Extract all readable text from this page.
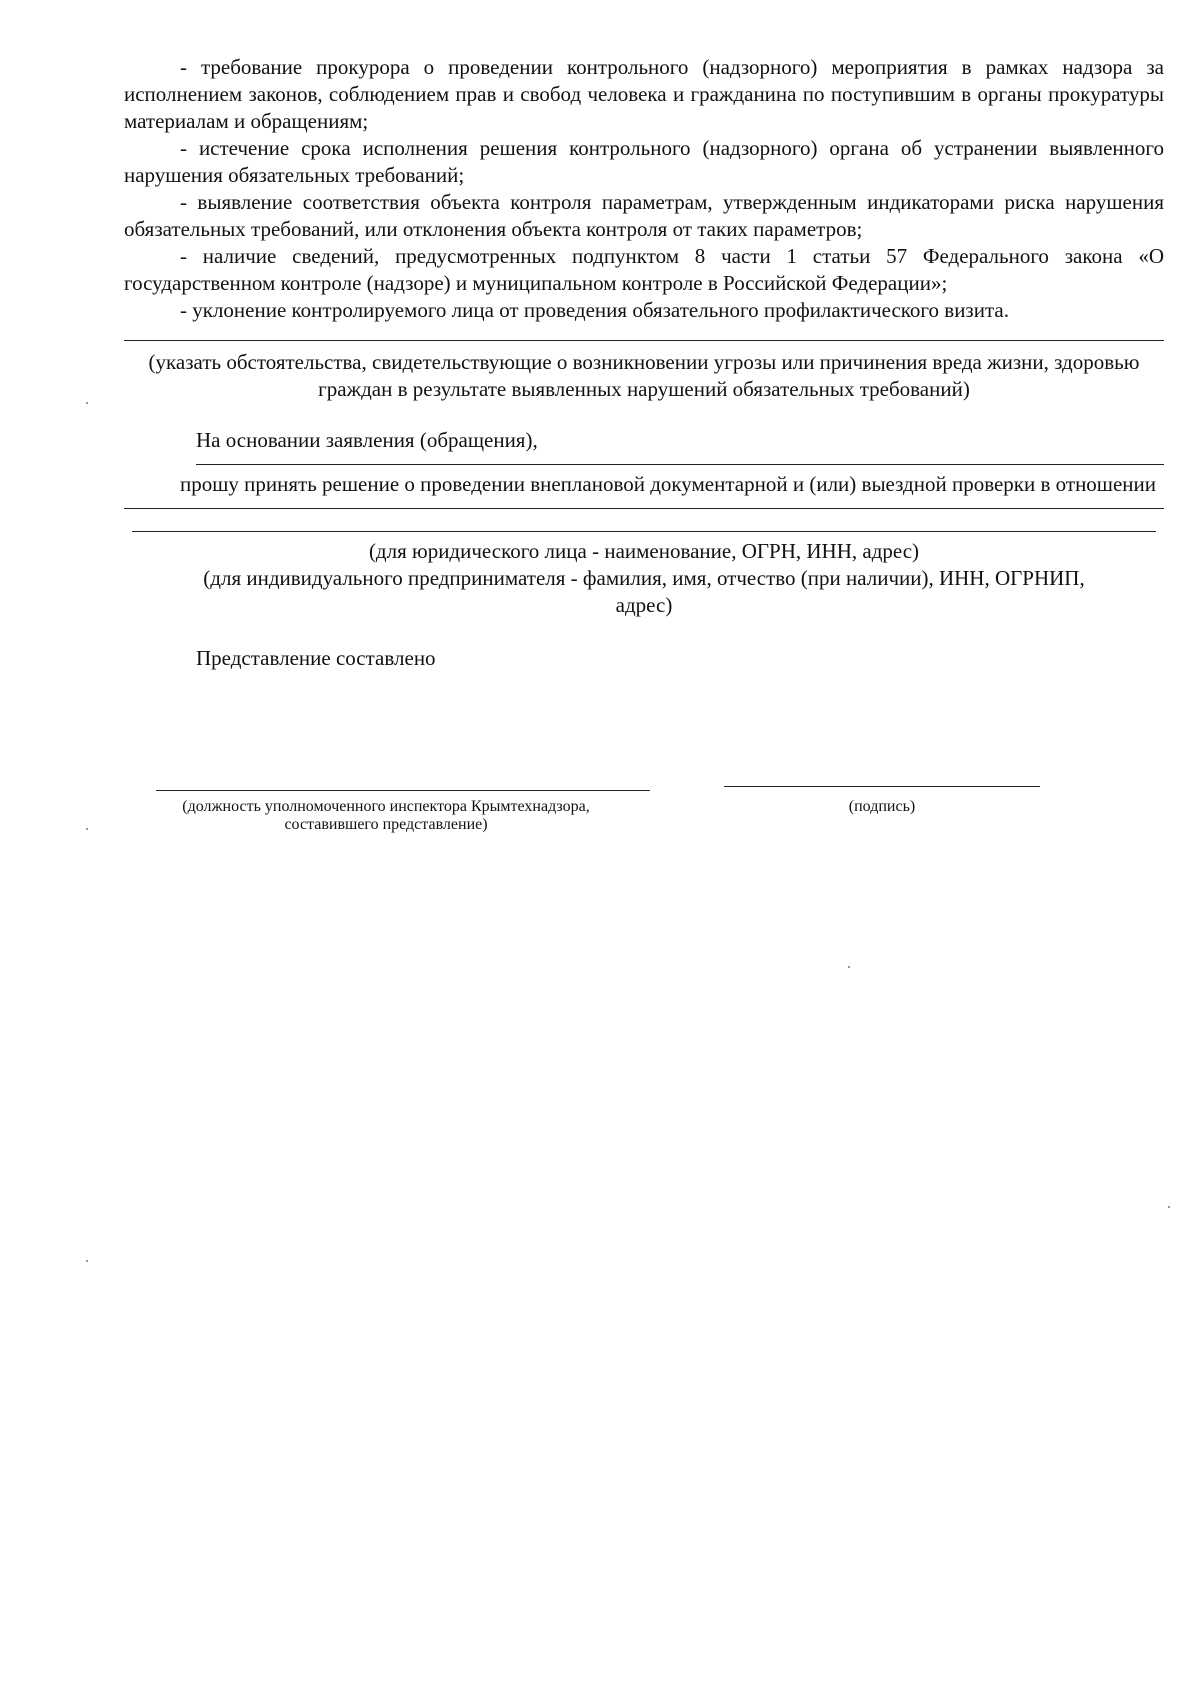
- требование прокурора о проведении контрольного (надзорного) мероприятия в рамках надзора за исполнением законов, соблюдением прав и свобод человека и гражданина по поступившим в органы прокуратуры материалам и обращениям;

- истечение срока исполнения решения контрольного (надзорного) органа об устранении выявленного нарушения обязательных требований;

- выявление соответствия объекта контроля параметрам, утвержденным индикаторами риска нарушения обязательных требований, или отклонения объекта контроля от таких параметров;

- наличие сведений, предусмотренных подпунктом 8 части 1 статьи 57 Федерального закона «О государственном контроле (надзоре) и муниципальном контроле в Российской Федерации»;

- уклонение контролируемого лица от проведения обязательного профилактического визита.

(указать обстоятельства, свидетельствующие о возникновении угрозы или причинения вреда жизни, здоровью граждан в результате выявленных нарушений обязательных требований)

На основании заявления (обращения),

прошу принять решение о проведении внеплановой документарной и (или) выездной проверки в отношении

(для юридического лица - наименование, ОГРН, ИНН, адрес)

(для индивидуального предпринимателя - фамилия, имя, отчество (при наличии), ИНН, ОГРНИП, адрес)

Представление составлено

(должность уполномоченного инспектора Крымтехнадзора, составившего представление)

(подпись)
